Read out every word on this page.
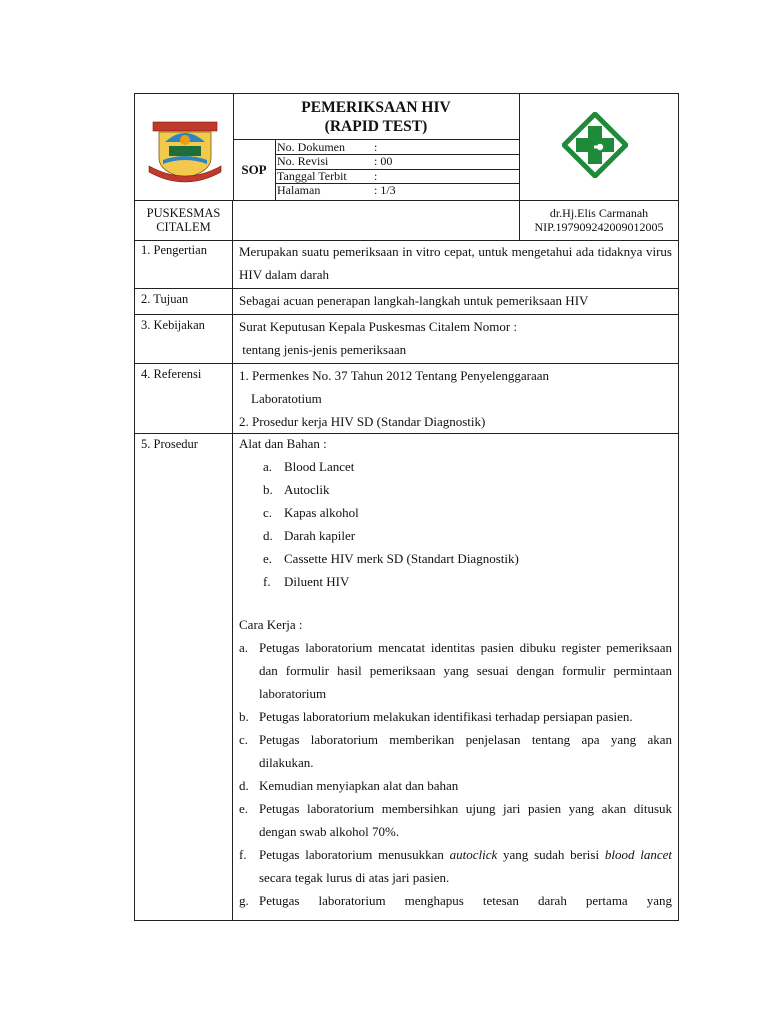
PEMERIKSAAN HIV
(RAPID TEST)
SOP
No. Dokumen :
No. Revisi	: 00
Tanggal Terbit :
Halaman	: 1/3
PUSKESMAS
CITALEM
dr.Hj.Elis Carmanah
NIP.197909242009012005
1. Pengertian	Merupakan suatu pemeriksaan in vitro cepat, untuk mengetahui ada tidaknya virus HIV dalam darah
2. Tujuan	Sebagai acuan penerapan langkah-langkah untuk pemeriksaan HIV
3. Kebijakan	Surat Keputusan Kepala Puskesmas Citalem Nomor :
tentang jenis-jenis pemeriksaan
4. Referensi	1. Permenkes No. 37 Tahun 2012 Tentang Penyelenggaraan
Laboratotium
2. Prosedur kerja HIV SD (Standar Diagnostik)
5. Prosedur	Alat dan Bahan :
a. Blood Lancet
b. Autoclik
c. Kapas alkohol
d. Darah kapiler
e. Cassette HIV merk SD (Standart Diagnostik)
f. Diluent HIV
Cara Kerja :
a. Petugas laboratorium mencatat identitas pasien dibuku register pemeriksaan dan formulir hasil pemeriksaan yang sesuai dengan formulir permintaan laboratorium
b. Petugas laboratorium melakukan identifikasi terhadap persiapan pasien.
c. Petugas laboratorium memberikan penjelasan tentang apa yang akan dilakukan.
d. Kemudian menyiapkan alat dan bahan
e. Petugas laboratorium membersihkan ujung jari pasien yang akan ditusuk dengan swab alkohol 70%.
f. Petugas laboratorium menusukkan autoclick yang sudah berisi blood lancet secara tegak lurus di atas jari pasien.
g. Petugas laboratorium menghapus tetesan darah pertama yang
